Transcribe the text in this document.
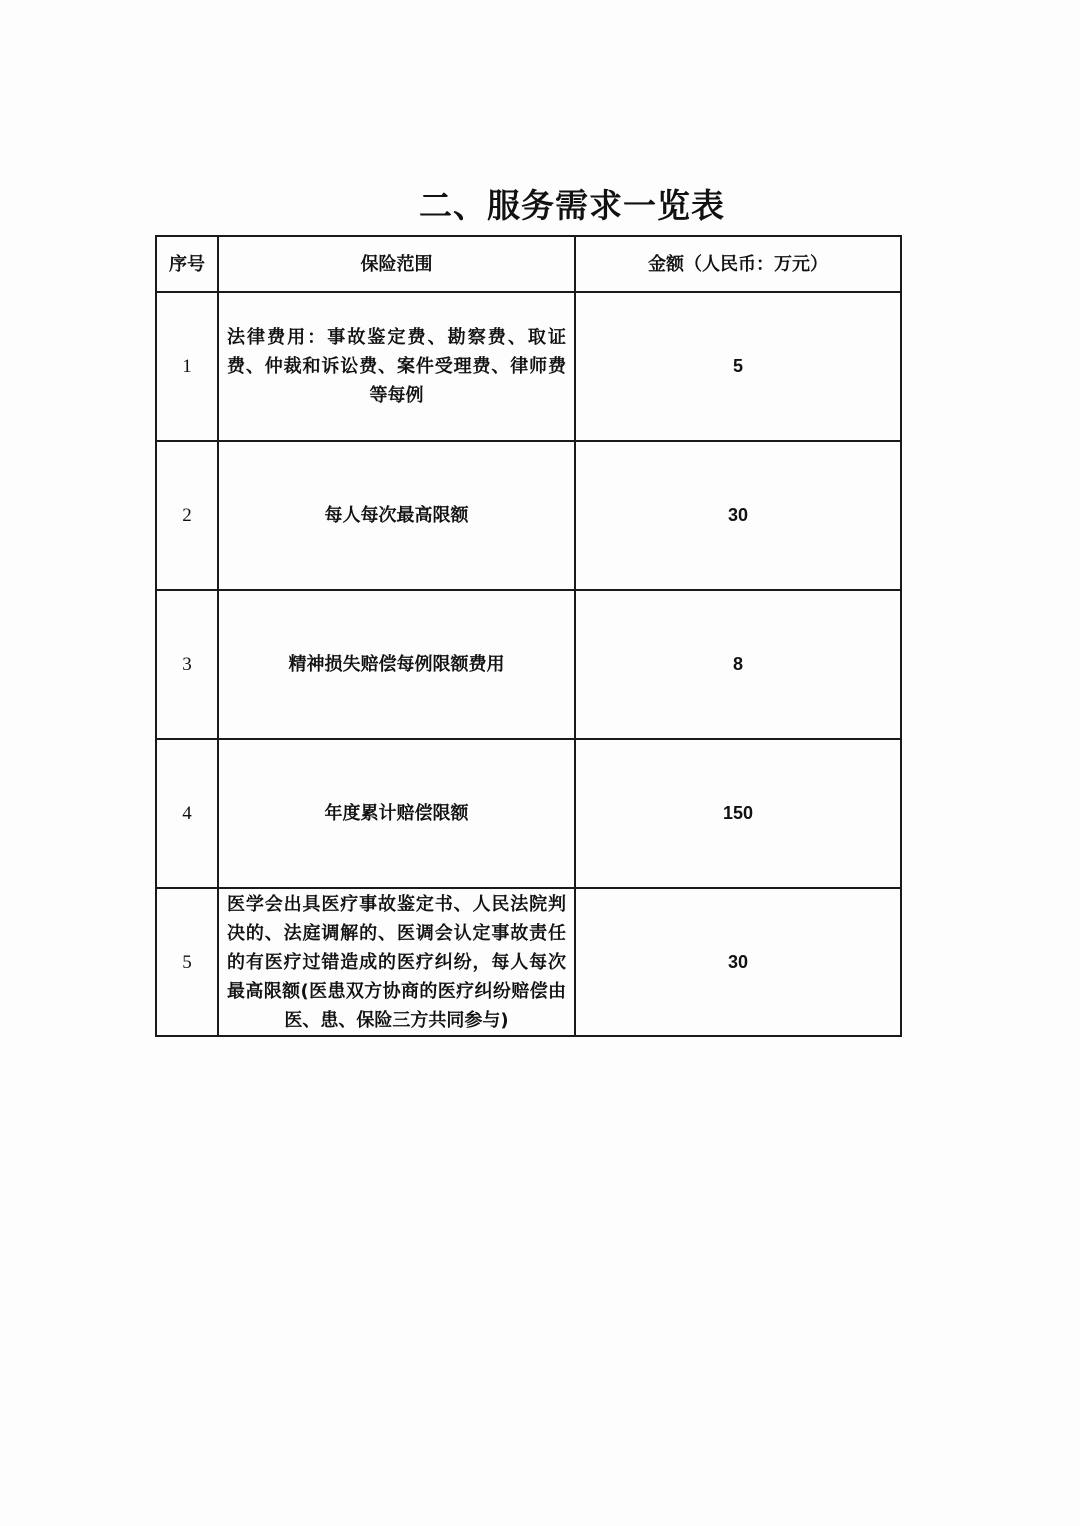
二、服务需求一览表
序号	保险范围	金额（人民币：万元）
1	法律费用：事故鉴定费、勘察费、取证费、仲裁和诉讼费、案件受理费、律师费等每例	5
2	每人每次最高限额	30
3	精神损失赔偿每例限额费用	8
4	年度累计赔偿限额	150
5	医学会出具医疗事故鉴定书、人民法院判决的、法庭调解的、医调会认定事故责任的有医疗过错造成的医疗纠纷，每人每次最高限额(医患双方协商的医疗纠纷赔偿由医、患、保险三方共同参与)	30
